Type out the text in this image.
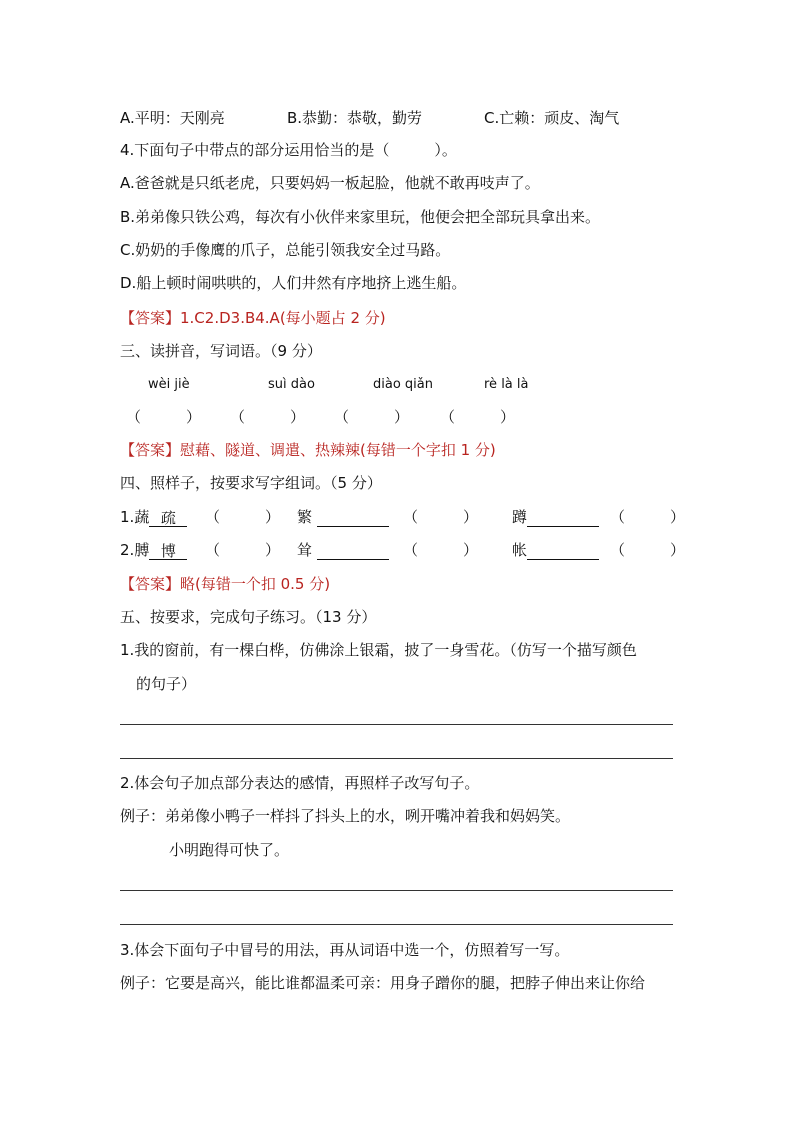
A.平明：天刚亮	B.恭勤：恭敬，勤劳	C.亡赖：顽皮、淘气
4.下面句子中带点的部分运用恰当的是（　　　）。
A.爸爸就是只纸老虎，只要妈妈一板起脸，他就不敢再吱声了。
B.弟弟像只铁公鸡，每次有小伙伴来家里玩，他便会把全部玩具拿出来。
C.奶奶的手像鹰的爪子，总能引领我安全过马路。
D.船上顿时闹哄哄的，人们井然有序地挤上逃生船。
【答案】1.C2.D3.B4.A(每小题占 2 分)
三、读拼音，写词语。（9 分）
wèi jiè	suì dào	diào qiǎn	rè là là
（　　　） （　　　） （　　　） （　　　）
【答案】慰藉、隧道、调遣、热辣辣(每错一个字扣 1 分)
四、照样子，按要求写字组词。（5 分）
1.蔬 疏	（　　　） 繁	（　　　） 蹲	（　　　）
2.膊 博	（　　　） 耸	（　　　） 帐	（　　　）
【答案】略(每错一个扣 0.5 分)
五、按要求，完成句子练习。（13 分）
1.我的窗前，有一棵白桦，仿佛涂上银霜，披了一身雪花。（仿写一个描写颜色
的句子）
2.体会句子加点部分表达的感情，再照样子改写句子。
例子：弟弟像小鸭子一样抖了抖头上的水，咧开嘴冲着我和妈妈笑。
小明跑得可快了。
3.体会下面句子中冒号的用法，再从词语中选一个，仿照着写一写。
例子：它要是高兴，能比谁都温柔可亲：用身子蹭你的腿，把脖子伸出来让你给
